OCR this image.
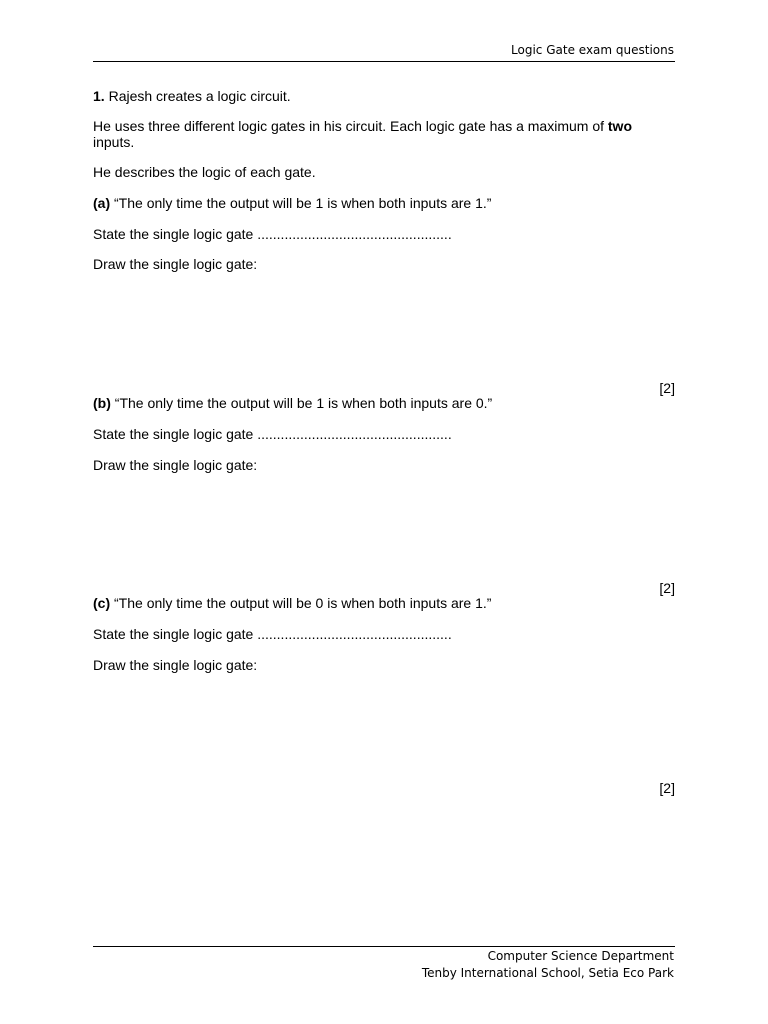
Logic Gate exam questions
1. Rajesh creates a logic circuit.
He uses three different logic gates in his circuit. Each logic gate has a maximum of two inputs.
He describes the logic of each gate.
(a) “The only time the output will be 1 is when both inputs are 1.”
State the single logic gate ..................................................
Draw the single logic gate:
[2]
(b) “The only time the output will be 1 is when both inputs are 0.”
State the single logic gate ..................................................
Draw the single logic gate:
[2]
(c) “The only time the output will be 0 is when both inputs are 1.”
State the single logic gate ..................................................
Draw the single logic gate:
[2]
Computer Science Department
Tenby International School, Setia Eco Park
